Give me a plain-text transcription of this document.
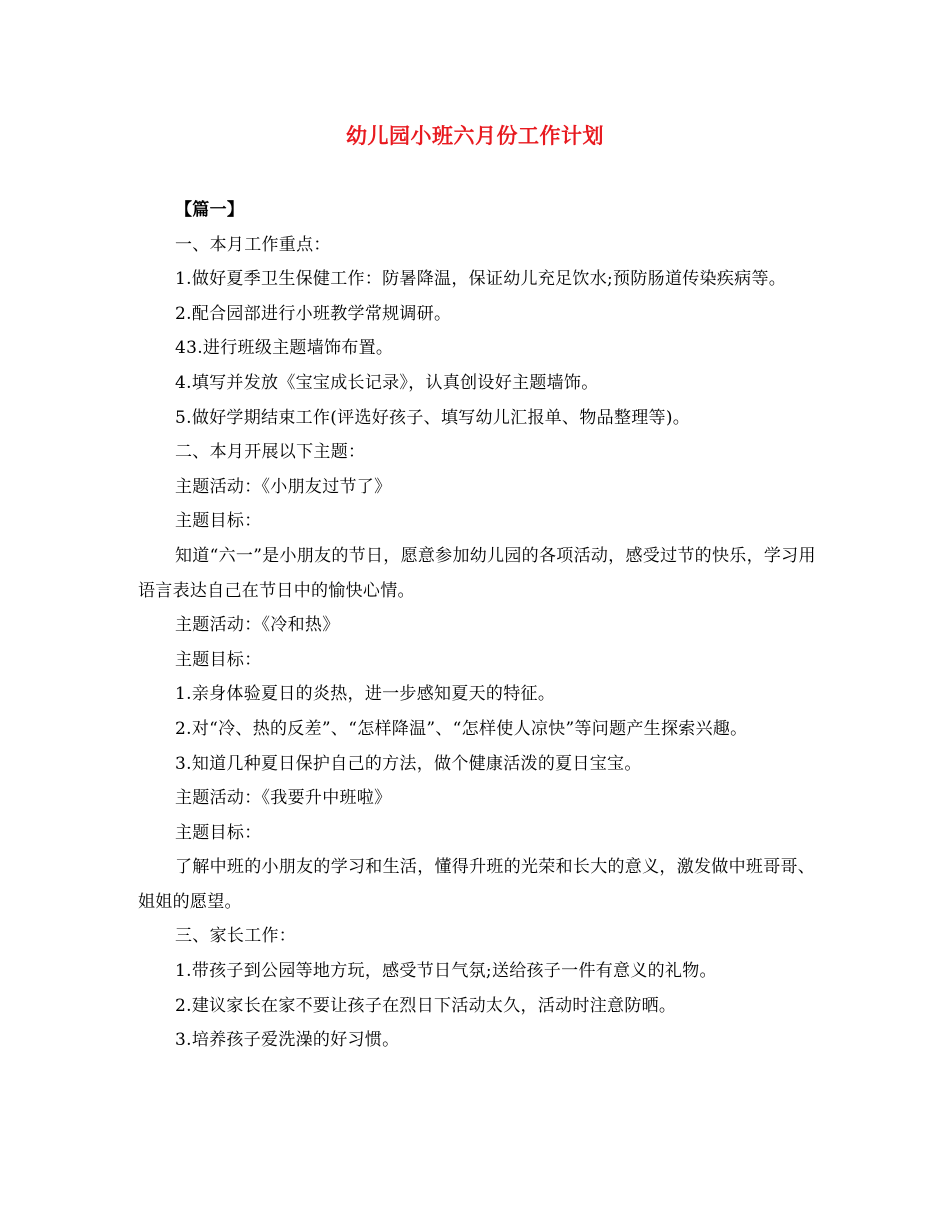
幼儿园小班六月份工作计划

【篇一】

一、本月工作重点：

1.做好夏季卫生保健工作：防暑降温，保证幼儿充足饮水;预防肠道传染疾病等。

2.配合园部进行小班教学常规调研。

43.进行班级主题墙饰布置。

4.填写并发放《宝宝成长记录》，认真创设好主题墙饰。

5.做好学期结束工作(评选好孩子、填写幼儿汇报单、物品整理等)。

二、本月开展以下主题：

主题活动：《小朋友过节了》

主题目标：

知道“六一”是小朋友的节日，愿意参加幼儿园的各项活动，感受过节的快乐，学习用语言表达自己在节日中的愉快心情。

主题活动：《冷和热》

主题目标：

1.亲身体验夏日的炎热，进一步感知夏天的特征。

2.对“冷、热的反差”、“怎样降温”、“怎样使人凉快”等问题产生探索兴趣。

3.知道几种夏日保护自己的方法，做个健康活泼的夏日宝宝。

主题活动：《我要升中班啦》

主题目标：

了解中班的小朋友的学习和生活，懂得升班的光荣和长大的意义，激发做中班哥哥、姐姐的愿望。

三、家长工作：

1.带孩子到公园等地方玩，感受节日气氛;送给孩子一件有意义的礼物。

2.建议家长在家不要让孩子在烈日下活动太久，活动时注意防晒。

3.培养孩子爱洗澡的好习惯。
